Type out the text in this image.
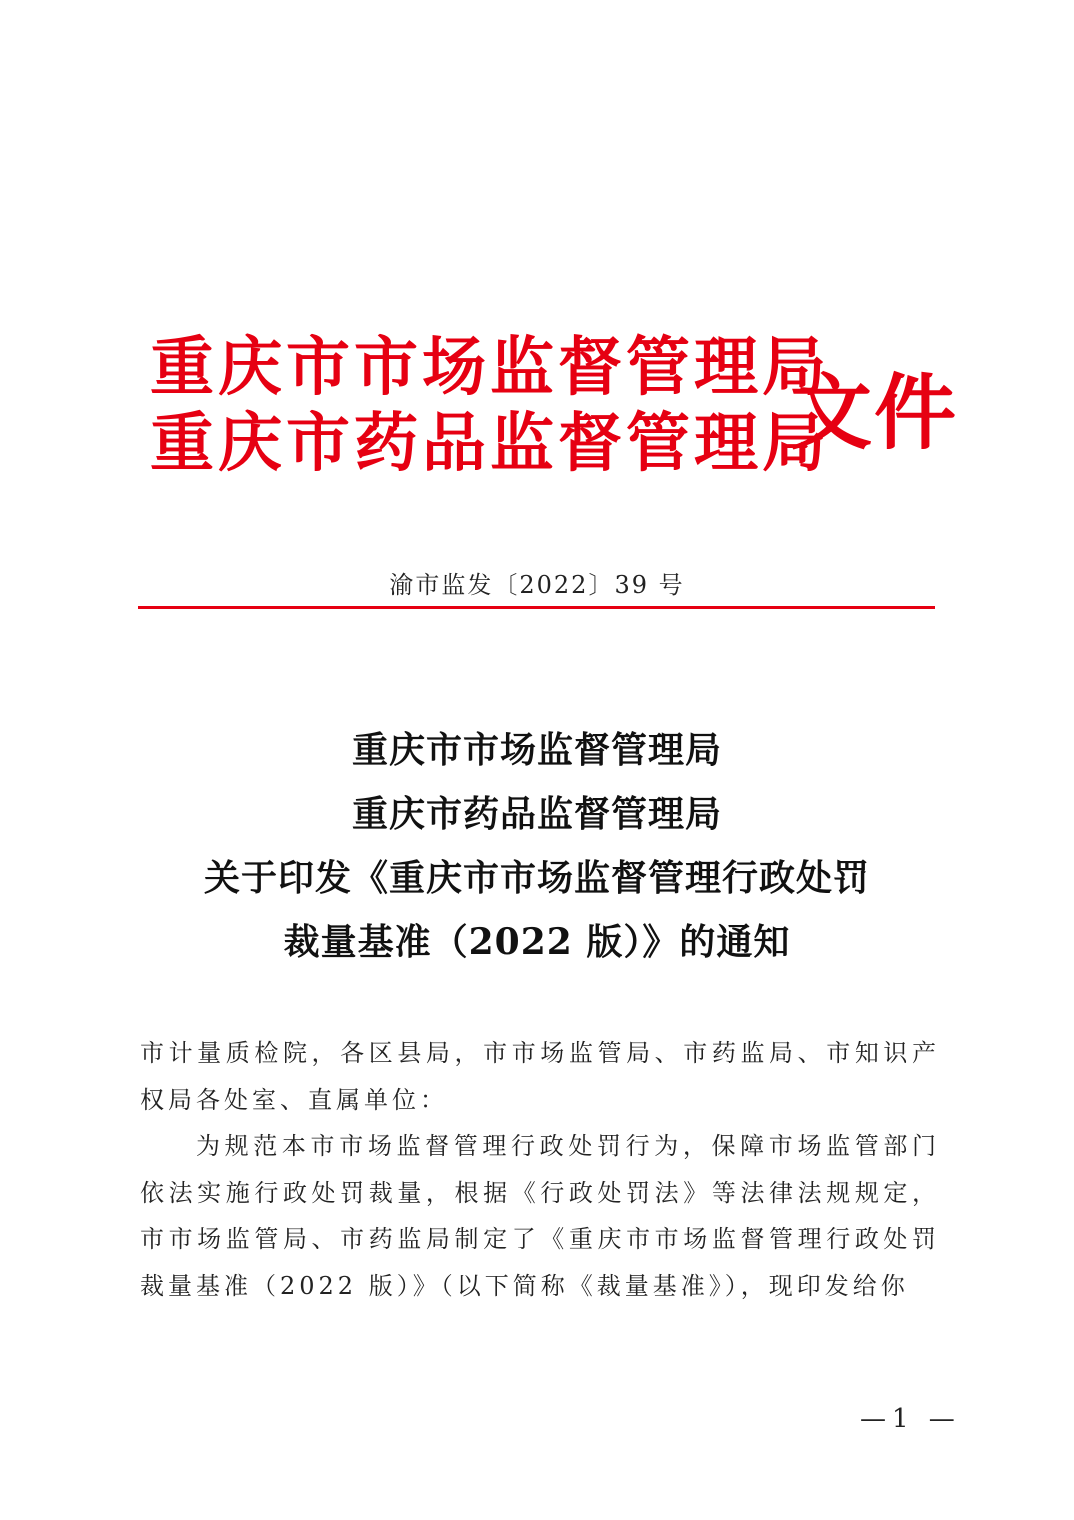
重庆市市场监督管理局
重庆市药品监督管理局
文件
渝市监发〔2022〕39 号
重庆市市场监督管理局
重庆市药品监督管理局
关于印发《重庆市市场监督管理行政处罚
裁量基准（2022 版）》的通知

市计量质检院，各区县局，市市场监管局、市药监局、市知识产权局各处室、直属单位：

为规范本市市场监督管理行政处罚行为，保障市场监管部门依法实施行政处罚裁量，根据《行政处罚法》等法律法规规定，市市场监管局、市药监局制定了《重庆市市场监督管理行政处罚裁量基准（2022 版）》（以下简称《裁量基准》），现印发给你

—1 —
